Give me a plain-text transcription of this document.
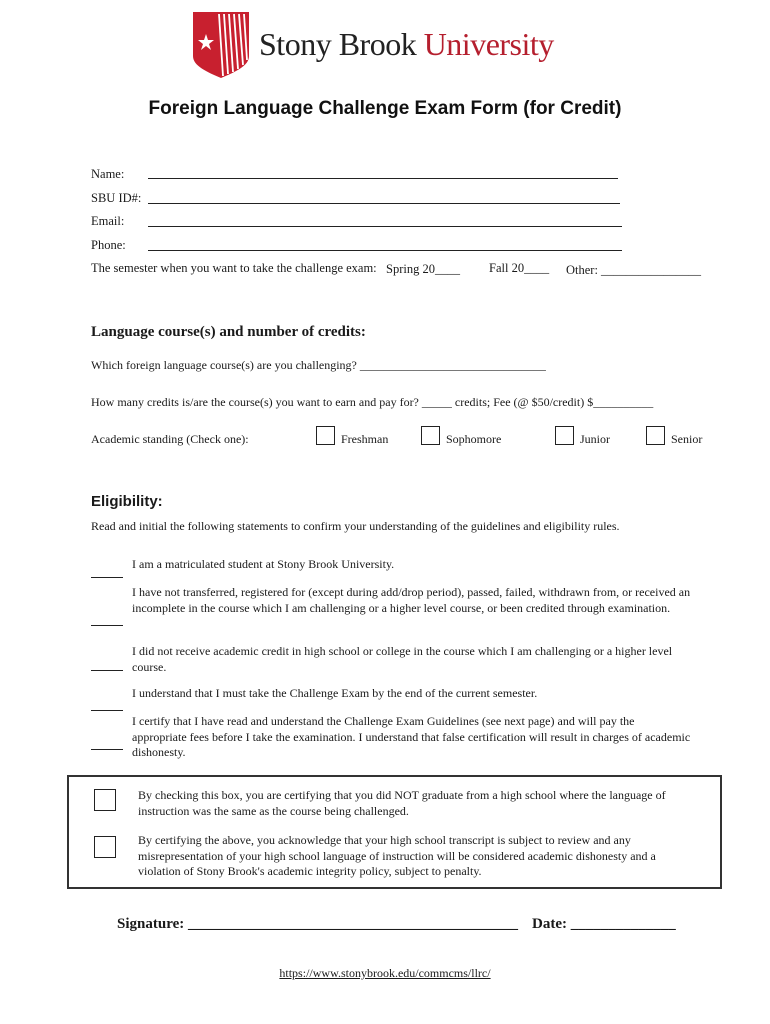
Stony Brook University
Foreign Language Challenge Exam Form (for Credit)
Name:
SBU ID#:
Email:
Phone:
The semester when you want to take the challenge exam: Spring 20____ Fall 20____ Other: ________________
Language course(s) and number of credits:
Which foreign language course(s) are you challenging? _______________________________
How many credits is/are the course(s) you want to earn and pay for? _____ credits; Fee (@ $50/credit) $__________
Academic standing (Check one):	Freshman	Sophomore	Junior	Senior
Eligibility:
Read and initial the following statements to confirm your understanding of the guidelines and eligibility rules.
I am a matriculated student at Stony Brook University.
I have not transferred, registered for (except during add/drop period), passed, failed, withdrawn from, or received an incomplete in the course which I am challenging or a higher level course, or been credited through examination.
I did not receive academic credit in high school or college in the course which I am challenging or a higher level course.
I understand that I must take the Challenge Exam by the end of the current semester.
I certify that I have read and understand the Challenge Exam Guidelines (see next page) and will pay the appropriate fees before I take the examination. I understand that false certification will result in charges of academic dishonesty.
By checking this box, you are certifying that you did NOT graduate from a high school where the language of instruction was the same as the course being challenged.
By certifying the above, you acknowledge that your high school transcript is subject to review and any misrepresentation of your high school language of instruction will be considered academic dishonesty and a violation of Stony Brook's academic integrity policy, subject to penalty.
Signature: ____________________________________________ Date: ______________
https://www.stonybrook.edu/commcms/llrc/
